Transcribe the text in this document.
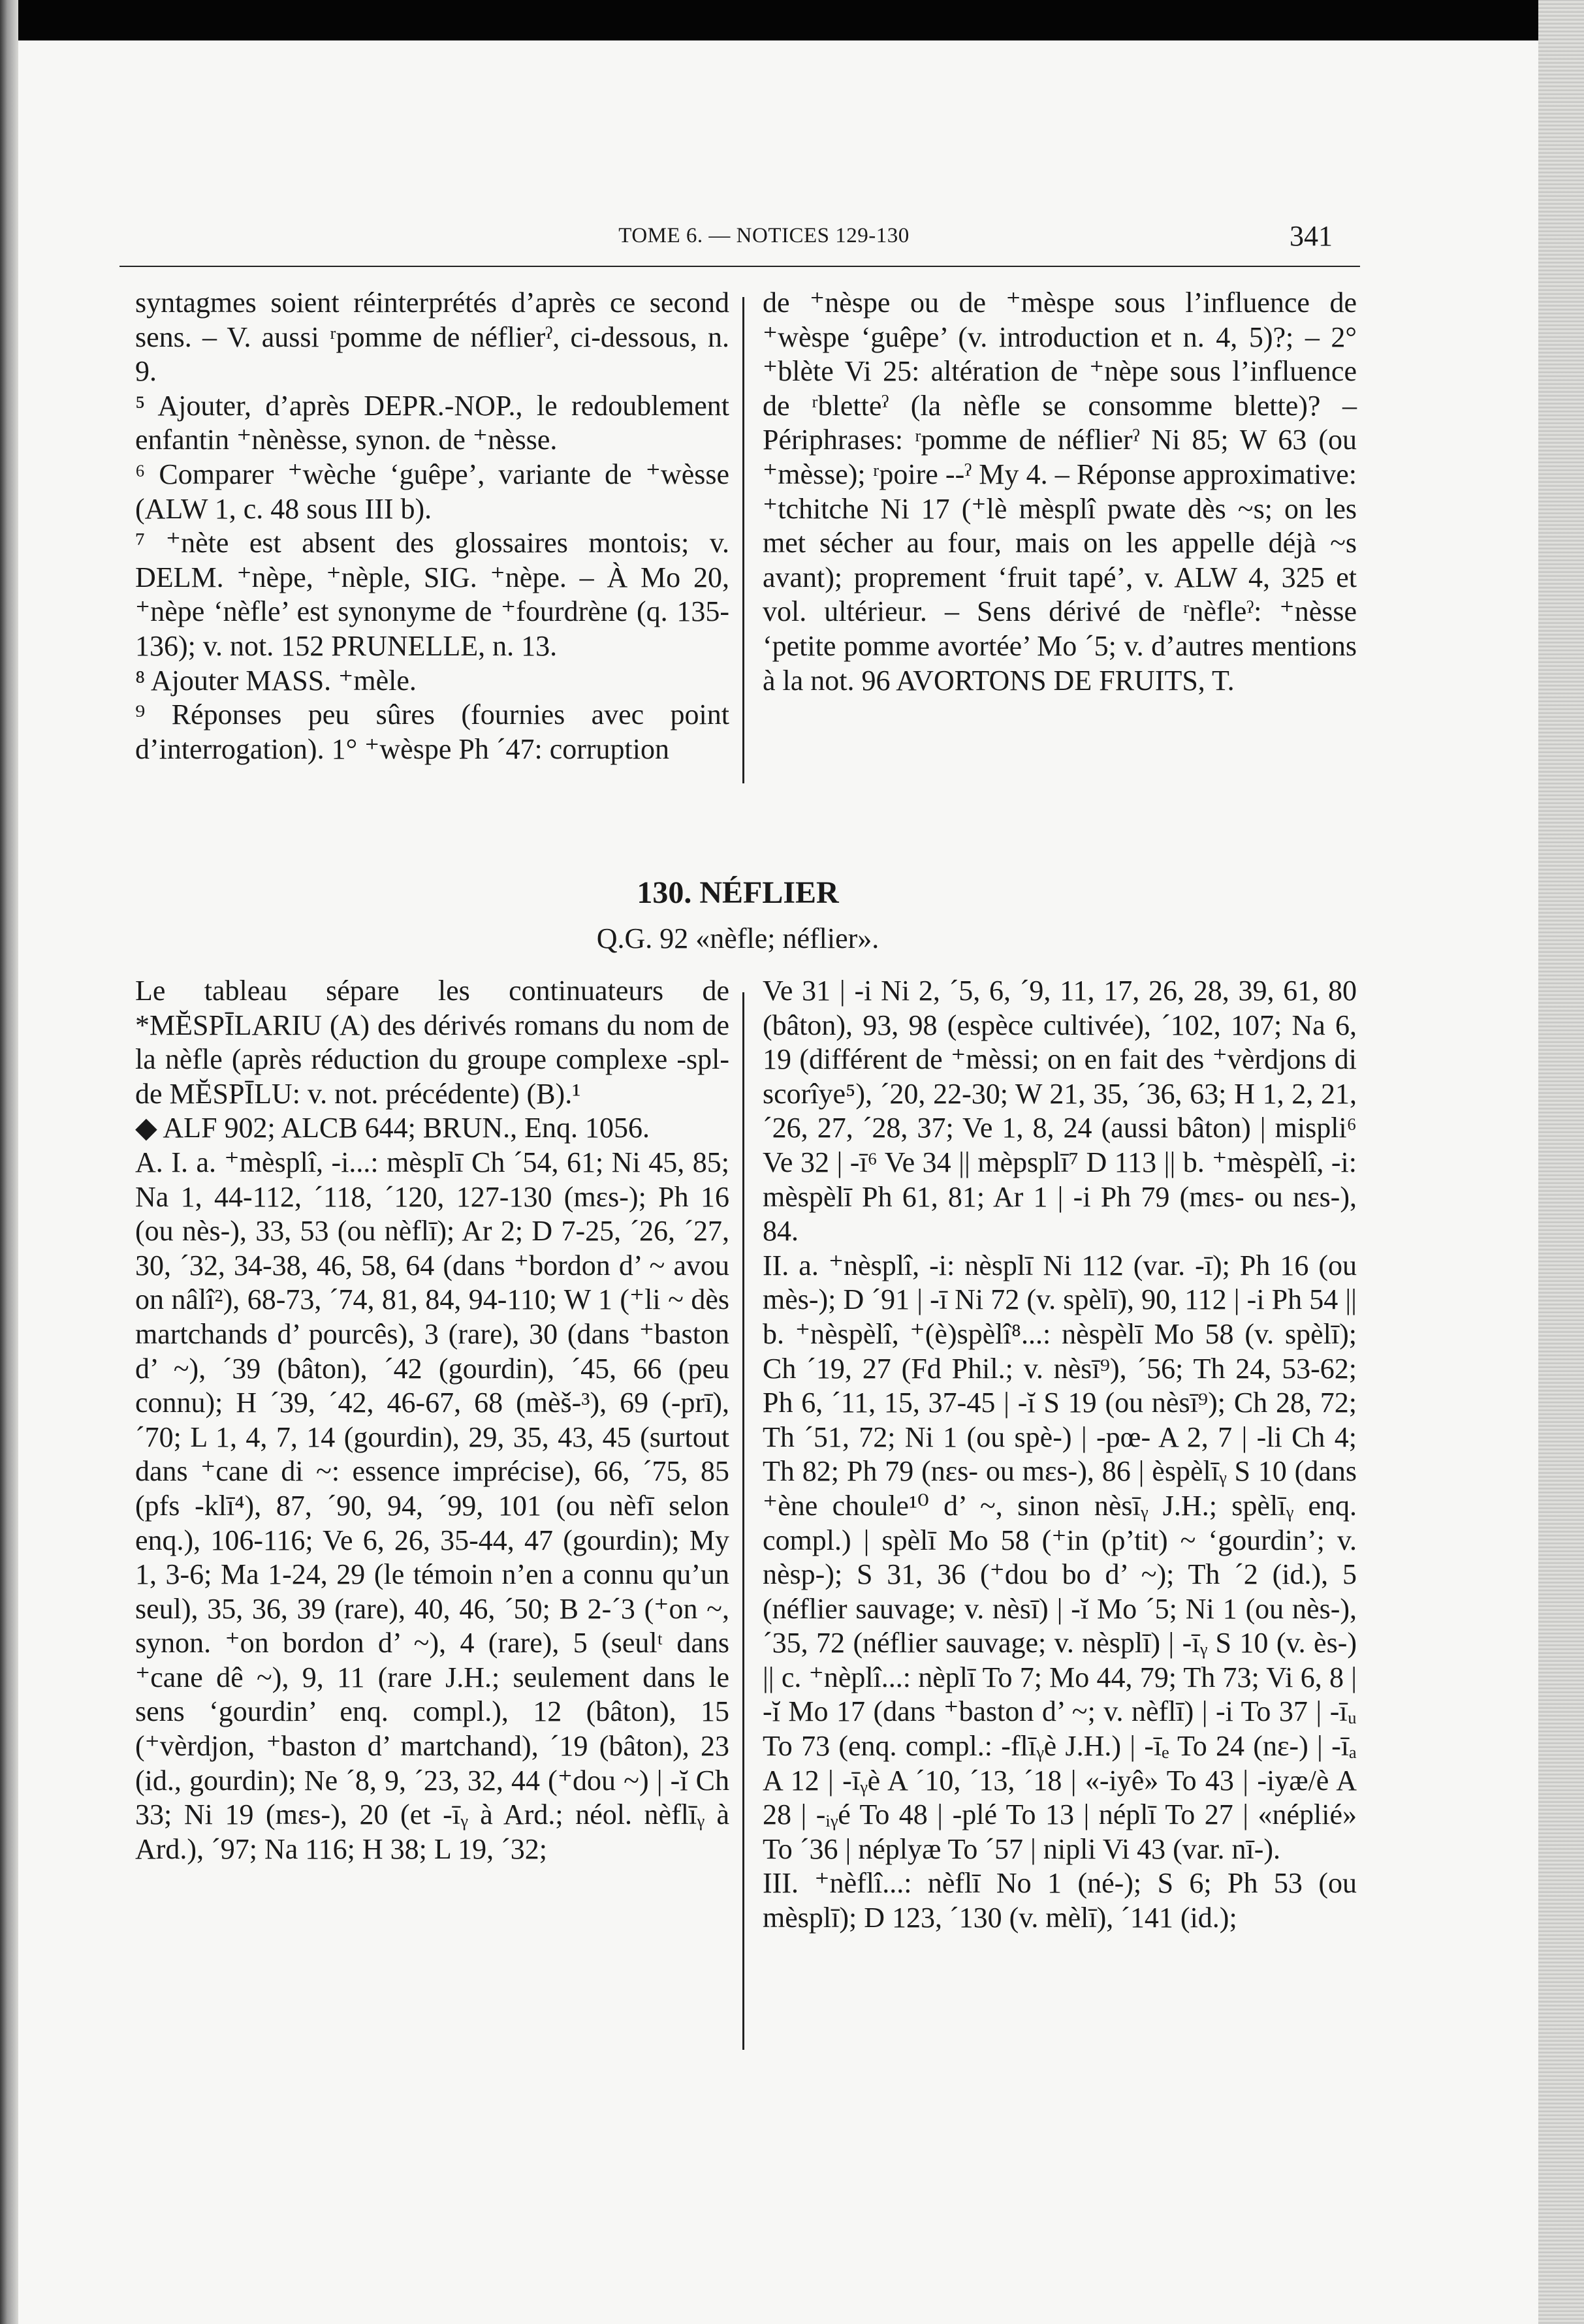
TOME 6. — NOTICES 129-130	341

syntagmes soient réinterprétés d’après ce second sens. – V. aussi ʳpomme de néflierˀ, ci-dessous, n. 9.

⁵ Ajouter, d’après DEPR.-NOP., le redoublement enfantin ⁺nènèsse, synon. de ⁺nèsse.

⁶ Comparer ⁺wèche ‘guêpe’, variante de ⁺wèsse (ALW 1, c. 48 sous III b).

⁷ ⁺nète est absent des glossaires montois; v. DELM. ⁺nèpe, ⁺nèple, SIG. ⁺nèpe. – À Mo 20, ⁺nèpe ‘nèfle’ est synonyme de ⁺fourdrène (q. 135-136); v. not. 152 PRUNELLE, n. 13.

⁸ Ajouter MASS. ⁺mèle.

⁹ Réponses peu sûres (fournies avec point d’interrogation). 1° ⁺wèspe Ph ´47: corruption

de ⁺nèspe ou de ⁺mèspe sous l’influence de ⁺wèspe ‘guêpe’ (v. introduction et n. 4, 5)?; – 2° ⁺blète Vi 25: altération de ⁺nèpe sous l’influence de ʳbletteˀ (la nèfle se consomme blette)? – Périphrases: ʳpomme de néflierˀ Ni 85; W 63 (ou ⁺mèsse); ʳpoire --ˀ My 4. – Réponse approximative: ⁺tchitche Ni 17 (⁺lè mèsplî pwate dès ~s; on les met sécher au four, mais on les appelle déjà ~s avant); proprement ‘fruit tapé’, v. ALW 4, 325 et vol. ultérieur. – Sens dérivé de ʳnèfleˀ: ⁺nèsse ‘petite pomme avortée’ Mo ´5; v. d’autres mentions à la not. 96 AVORTONS DE FRUITS, T.

130. NÉFLIER
Q.G. 92 «nèfle; néflier».

Le tableau sépare les continuateurs de *MĔSPĪLARIU (A) des dérivés romans du nom de la nèfle (après réduction du groupe complexe -spl- de MĔSPĪLU: v. not. précédente) (B).¹

◆ ALF 902; ALCB 644; BRUN., Enq. 1056.

A. I. a. ⁺mèsplî, -i...: mèsplī Ch ´54, 61; Ni 45, 85; Na 1, 44-112, ´118, ´120, 127-130 (mɛs-); Ph 16 (ou nès-), 33, 53 (ou nèflī); Ar 2; D 7-25, ´26, ´27, 30, ´32, 34-38, 46, 58, 64 (dans ⁺bordon d’ ~ avou on nâlî²), 68-73, ´74, 81, 84, 94-110; W 1 (⁺li ~ dès martchands d’ pourcês), 3 (rare), 30 (dans ⁺baston d’ ~), ´39 (bâton), ´42 (gourdin), ´45, 66 (peu connu); H ´39, ´42, 46-67, 68 (mèš-³), 69 (-prī), ´70; L 1, 4, 7, 14 (gourdin), 29, 35, 43, 45 (surtout dans ⁺cane di ~: essence imprécise), 66, ´75, 85 (pfs -klī⁴), 87, ´90, 94, ´99, 101 (ou nèfī selon enq.), 106-116; Ve 6, 26, 35-44, 47 (gourdin); My 1, 3-6; Ma 1-24, 29 (le témoin n’en a connu qu’un seul), 35, 36, 39 (rare), 40, 46, ´50; B 2-´3 (⁺on ~, synon. ⁺on bordon d’ ~), 4 (rare), 5 (seulᵗ dans ⁺cane dê ~), 9, 11 (rare J.H.; seulement dans le sens ‘gourdin’ enq. compl.), 12 (bâton), 15 (⁺vèrdjon, ⁺baston d’ martchand), ´19 (bâton), 23 (id., gourdin); Ne ´8, 9, ´23, 32, 44 (⁺dou ~) | -ĭ Ch 33; Ni 19 (mɛs-), 20 (et -īᵧ à Ard.; néol. nèflīᵧ à Ard.), ´97; Na 116; H 38; L 19, ´32;

Ve 31 | -i Ni 2, ´5, 6, ´9, 11, 17, 26, 28, 39, 61, 80 (bâton), 93, 98 (espèce cultivée), ´102, 107; Na 6, 19 (différent de ⁺mèssi; on en fait des ⁺vèrdjons di scorîye⁵), ´20, 22-30; W 21, 35, ´36, 63; H 1, 2, 21, ´26, 27, ´28, 37; Ve 1, 8, 24 (aussi bâton) | mispli⁶ Ve 32 | -ī⁶ Ve 34 || mèpsplī⁷ D 113 || b. ⁺mèspèlî, -i: mèspèlī Ph 61, 81; Ar 1 | -i Ph 79 (mɛs- ou nɛs-), 84.

II. a. ⁺nèsplî, -i: nèsplī Ni 112 (var. -ī); Ph 16 (ou mès-); D ´91 | -ī Ni 72 (v. spèlī), 90, 112 | -i Ph 54 || b. ⁺nèspèlî, ⁺(è)spèlî⁸...: nèspèlī Mo 58 (v. spèlī); Ch ´19, 27 (Fd Phil.; v. nèsī⁹), ´56; Th 24, 53-62; Ph 6, ´11, 15, 37-45 | -ĭ S 19 (ou nèsī⁹); Ch 28, 72; Th ´51, 72; Ni 1 (ou spè-) | -pœ- A 2, 7 | -li Ch 4; Th 82; Ph 79 (nɛs- ou mɛs-), 86 | èspèlīᵧ S 10 (dans ⁺ène choule¹⁰ d’ ~, sinon nèsīᵧ J.H.; spèlīᵧ enq. compl.) | spèlī Mo 58 (⁺in (p’tit) ~ ‘gourdin’; v. nèsp-); S 31, 36 (⁺dou bo d’ ~); Th ´2 (id.), 5 (néflier sauvage; v. nèsī) | -ĭ Mo ´5; Ni 1 (ou nès-), ´35, 72 (néflier sauvage; v. nèsplī) | -īᵧ S 10 (v. ès-) || c. ⁺nèplî...: nèplī To 7; Mo 44, 79; Th 73; Vi 6, 8 | -ĭ Mo 17 (dans ⁺baston d’ ~; v. nèflī) | -i To 37 | -īᵤ To 73 (enq. compl.: -flīᵧè J.H.) | -īₑ To 24 (nɛ-) | -īₐ A 12 | -īᵧè A ´10, ´13, ´18 | «-iyê» To 43 | -iyæ/è A 28 | -ᵢᵧé To 48 | -plé To 13 | néplī To 27 | «néplié» To ´36 | néplyæ To ´57 | nipli Vi 43 (var. nī-).

III. ⁺nèflî...: nèflī No 1 (né-); S 6; Ph 53 (ou mèsplī); D 123, ´130 (v. mèlī), ´141 (id.);
